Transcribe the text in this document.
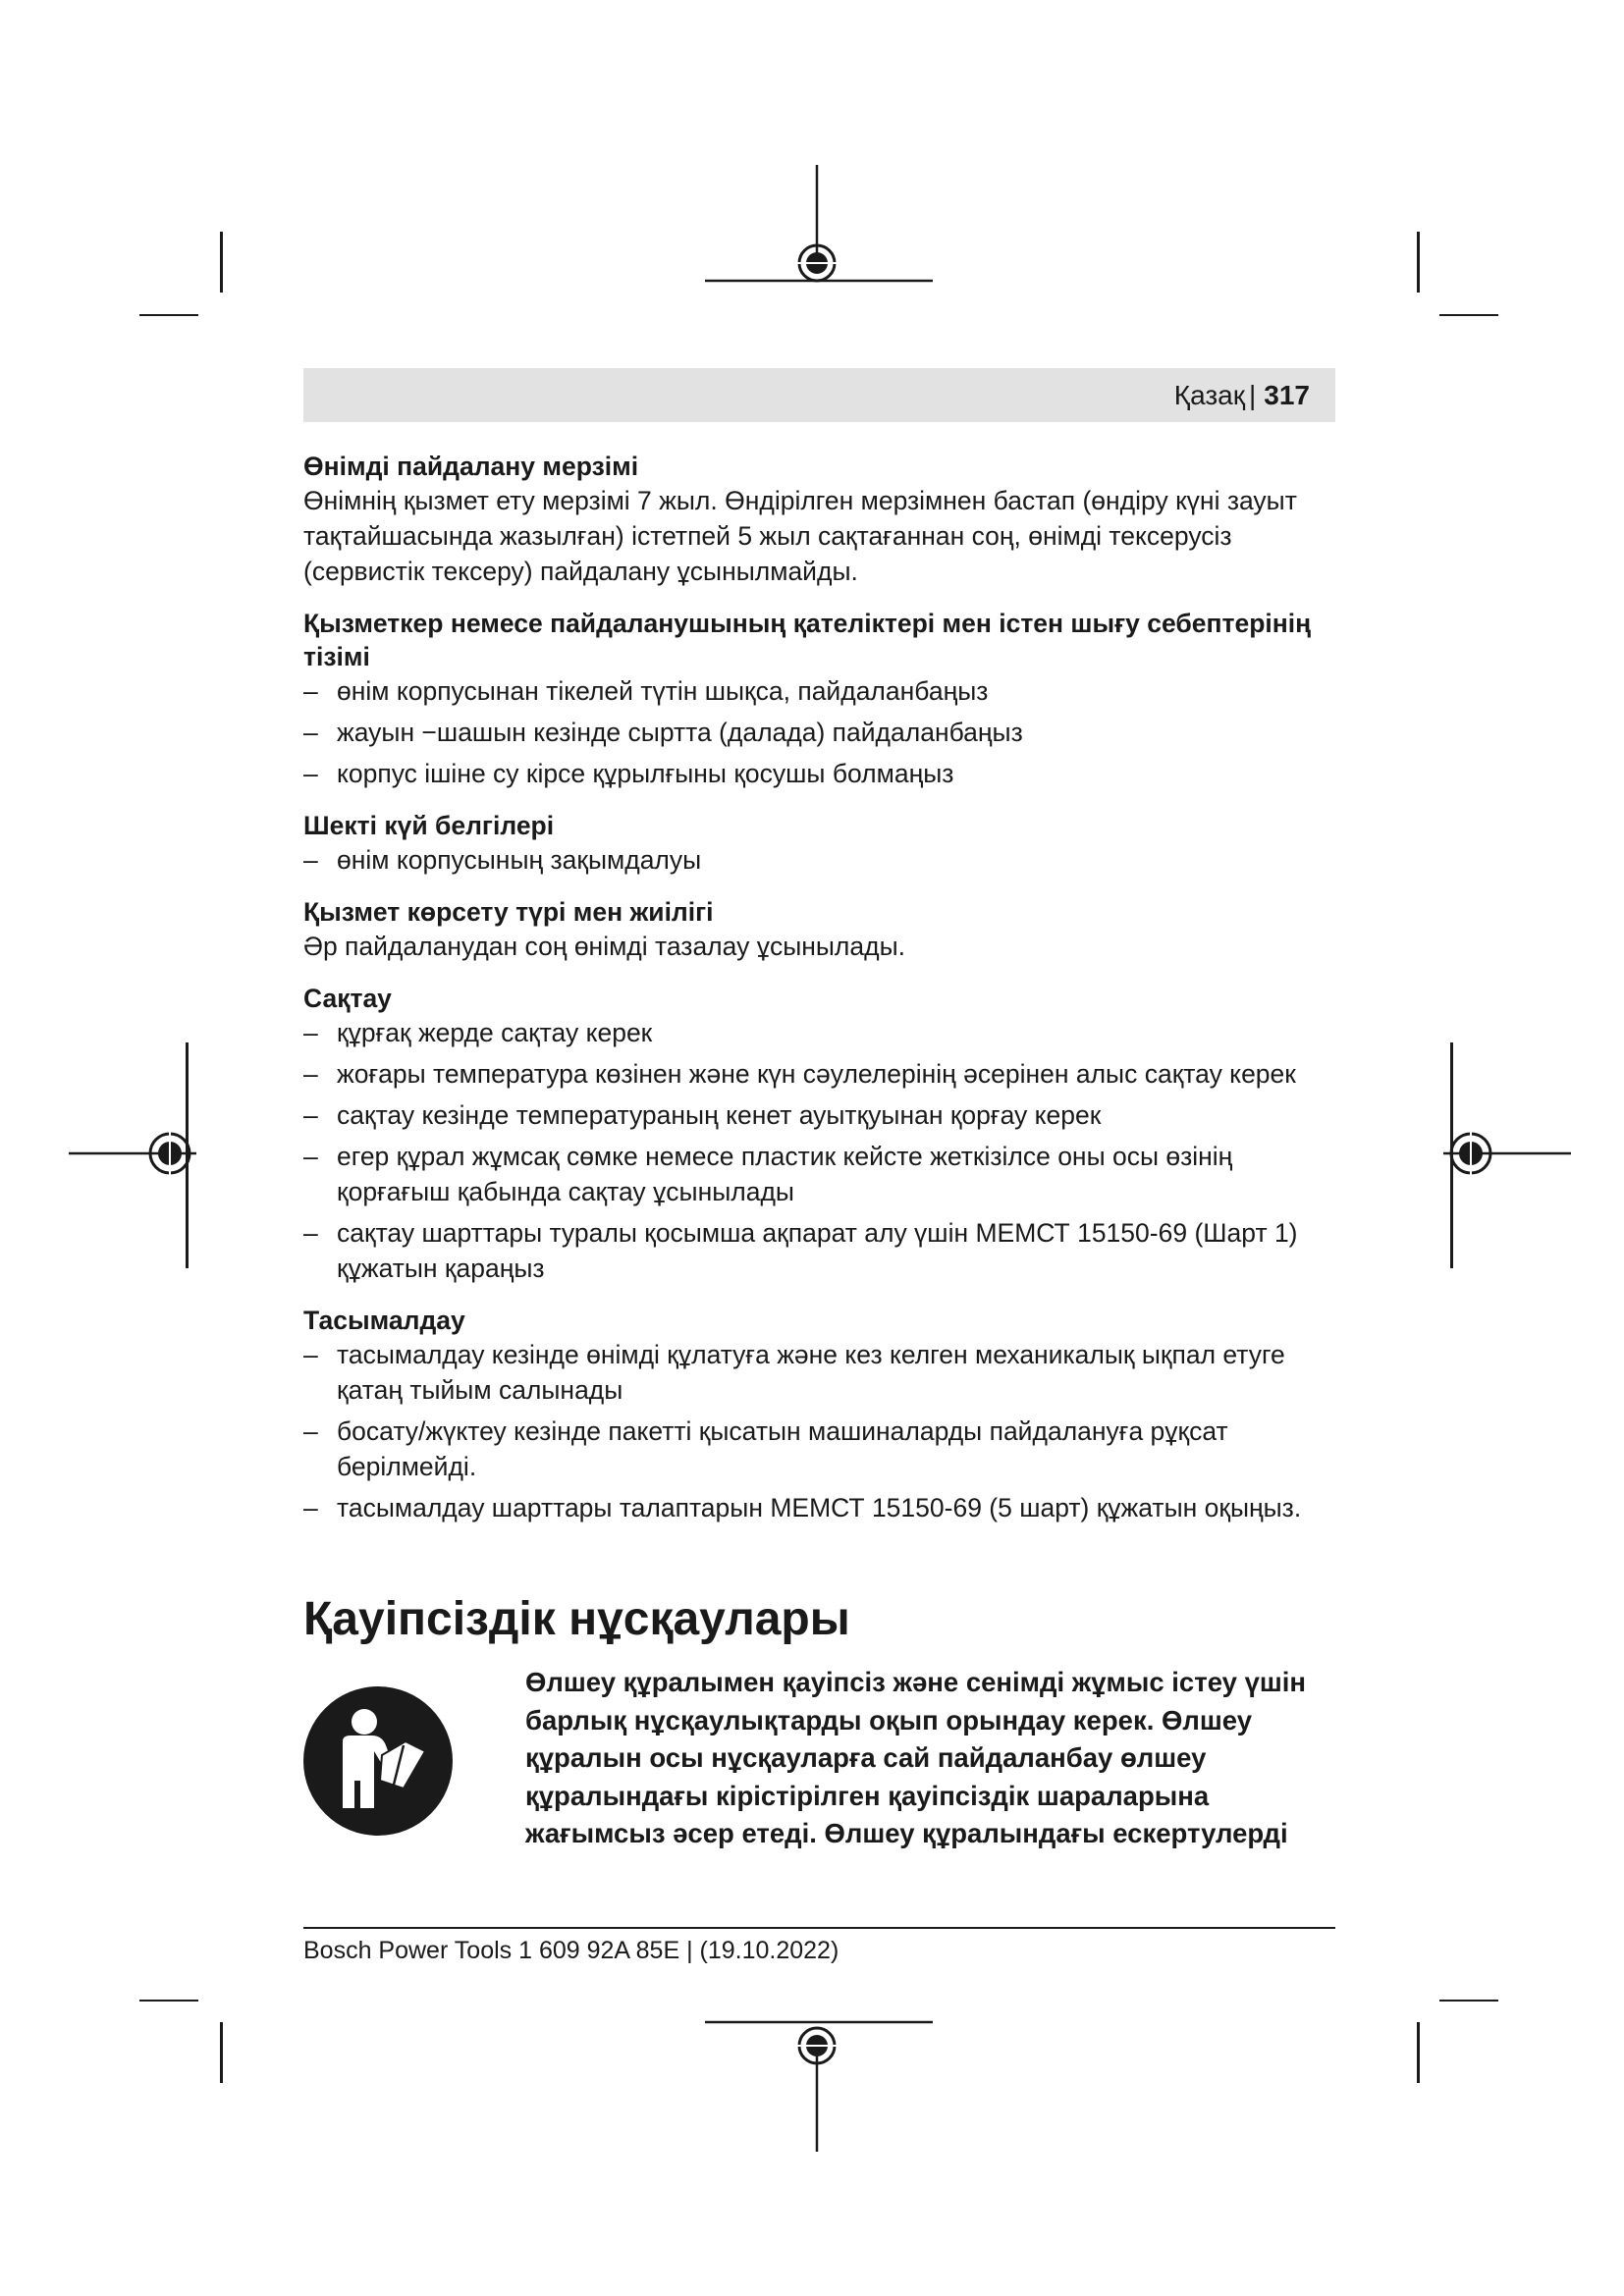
Қазақ | 317
Өнімді пайдалану мерзімі

Өнімнің қызмет ету мерзімі 7 жыл. Өндірілген мерзімнен бастап (өндіру күні зауыт тақтайшасында жазылған) істетпей 5 жыл сақтағаннан соң, өнімді тексерусіз (сервистік тексеру) пайдалану ұсынылмайды.

Қызметкер немесе пайдаланушының қателіктері мен істен шығу себептерінің тізімі
– өнім корпусынан тікелей түтін шықса, пайдаланбаңыз
– жауын −шашын кезінде сыртта (далада) пайдаланбаңыз
– корпус ішіне су кірсе құрылғыны қосушы болмаңыз
Шекті күй белгілері
– өнім корпусының зақымдалуы
Қызмет көрсету түрі мен жиілігі

Әр пайдаланудан соң өнімді тазалау ұсынылады.

Сақтау
– құрғақ жерде сақтау керек
– жоғары температура көзінен және күн сәулелерінің әсерінен алыс сақтау керек
– сақтау кезінде температураның кенет ауытқуынан қорғау керек
– егер құрал жұмсақ сөмке немесе пластик кейсте жеткізілсе оны осы өзінің қорғағыш қабында сақтау ұсынылады
– сақтау шарттары туралы қосымша ақпарат алу үшін МЕМСТ 15150-69 (Шарт 1) құжатын қараңыз
Тасымалдау
– тасымалдау кезінде өнімді құлатуға және кез келген механикалық ықпал етуге қатаң тыйым салынады
– босату/жүктеу кезінде пакетті қысатын машиналарды пайдалануға рұқсат берілмейді.
– тасымалдау шарттары талаптарын МЕМСТ 15150-69 (5 шарт) құжатын оқыңыз.
Қауіпсіздік нұсқаулары
Өлшеу құралымен қауіпсіз және сенімді жұмыс істеу үшін барлық нұсқаулықтарды оқып орындау керек. Өлшеу құралын осы нұсқауларға сай пайдаланбау өлшеу құралындағы кірістірілген қауіпсіздік шараларына жағымсыз әсер етеді. Өлшеу құралындағы ескертулерді
Bosch Power Tools 1 609 92A 85E | (19.10.2022)
